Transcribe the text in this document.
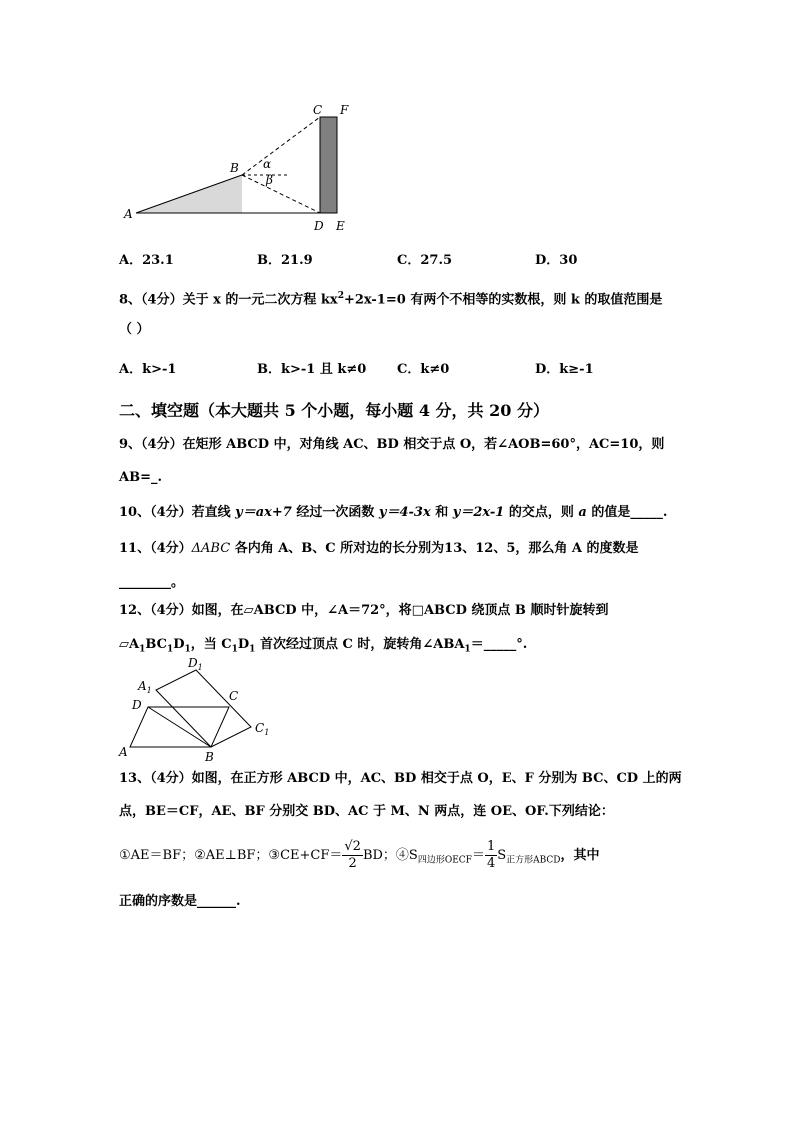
C F
B α
β
A
D E
A．23.1	B．21.9	C．27.5	D．30
8、（4分）关于 x 的一元二次方程 $kx^2+2x-1=0$ 有两个不相等的实数根，则 k 的取值范围是
（ ）
A．k>-1	B．k>-1 且 k≠0 C．k≠0	D．k≥-1
二、填空题（本大题共 5 个小题，每小题 4 分，共 20 分）
9、（4分）在矩形 ABCD 中，对角线 AC、BD 相交于点 O，若∠AOB=60°，AC=10，则
AB=_.
10、（4分）若直线 y＝ax+7 经过一次函数 y＝4-3x 和 y＝2x-1 的交点，则 a 的值是_____.
11、（4分）ΔABC 各内角 A、B、C 所对边的长分别为13、12、5，那么角 A 的度数是
________。
12、（4分）如图，在▱ABCD 中，∠A＝72°，将□ABCD 绕顶点 B 顺时针旋转到
$▱A_1BC_1D_1$，当 $C_1D_1$ 首次经过顶点 C 时，旋转角$\angle ABA_1=\_\_\_\_\_^\circ$.
$D_1$
$A_1$	C
D
$C_1$
A	B
13、（4分）如图，在正方形 ABCD 中，AC、BD 相交于点 O，E、F 分别为 BC、CD 上的两
点，BE＝CF，AE、BF 分别交 BD、AC 于 M、N 两点，连 OE、OF.下列结论：
①AE＝BF；②AE⊥BF；③CE+CF＝ $\frac{√2}{2}$ BD；$④S_{四边形OECF}= \frac{1}{4} S_{正方形ABCD}$，其中
正确的序数是______.
